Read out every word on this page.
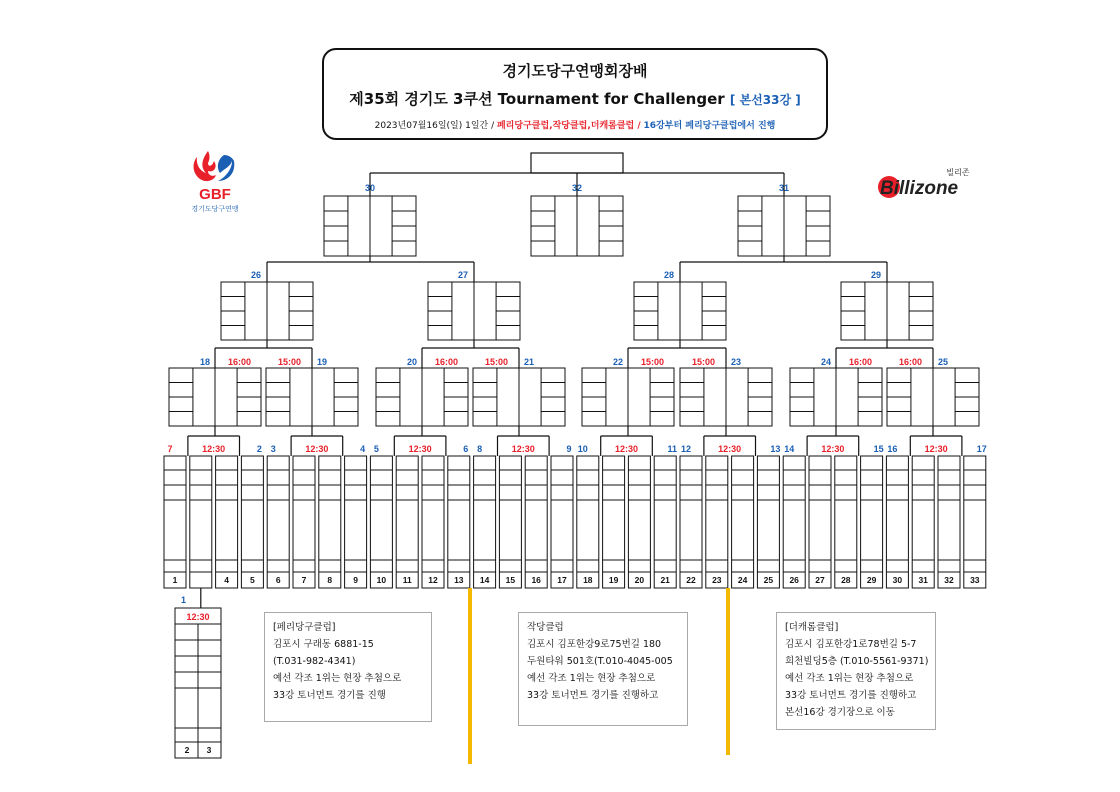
경기도당구연맹회장배
제35회 경기도 3쿠션 Tournament for Challenger [ 본선33강 ]
2023년07월16일(일) 1일간 / 페리당구클럽,작당클럽,더캐롬클럽 / 16강부터 페리당구클럽에서 진행
GBF
경기도당구연맹
빌리존
Billizone
30	32	31
26	27	28	29
18 16:00	15:00 19	20 16:00	15:00 21	22 15:00	15:00 23	24 16:00	16:00 25
1	4 5 6 7 8 9 10 11 12 13 14 15 16 17 18 19 20 21 22 23 24 25 26 27 28 29 30 31 32 33
7	12:30	2 3	12:30	4 5	12:30	6 8	12:30	9 10	12:30	11 12	12:30	13 14	12:30	15 16	12:30	17
1
12:30
2 3
[페리당구클럽]
김포시 구래동 6881-15
(T.031-982-4341)
예선 각조 1위는 현장 추첨으로
33강 토너먼트 경기를 진행
작당클럽
김포시 김포한강9로75번길 180
두원타워 501호(T.010-4045-005
예선 각조 1위는 현장 추첨으로
33강 토너먼트 경기를 진행하고
[더캐롬클럽]
김포시 김포한강1로78번길 5-7
희천빌딩5층 (T.010-5561-9371)
예선 각조 1위는 현장 추첨으로
33강 토너먼트 경기를 진행하고
본선16강 경기장으로 이동
